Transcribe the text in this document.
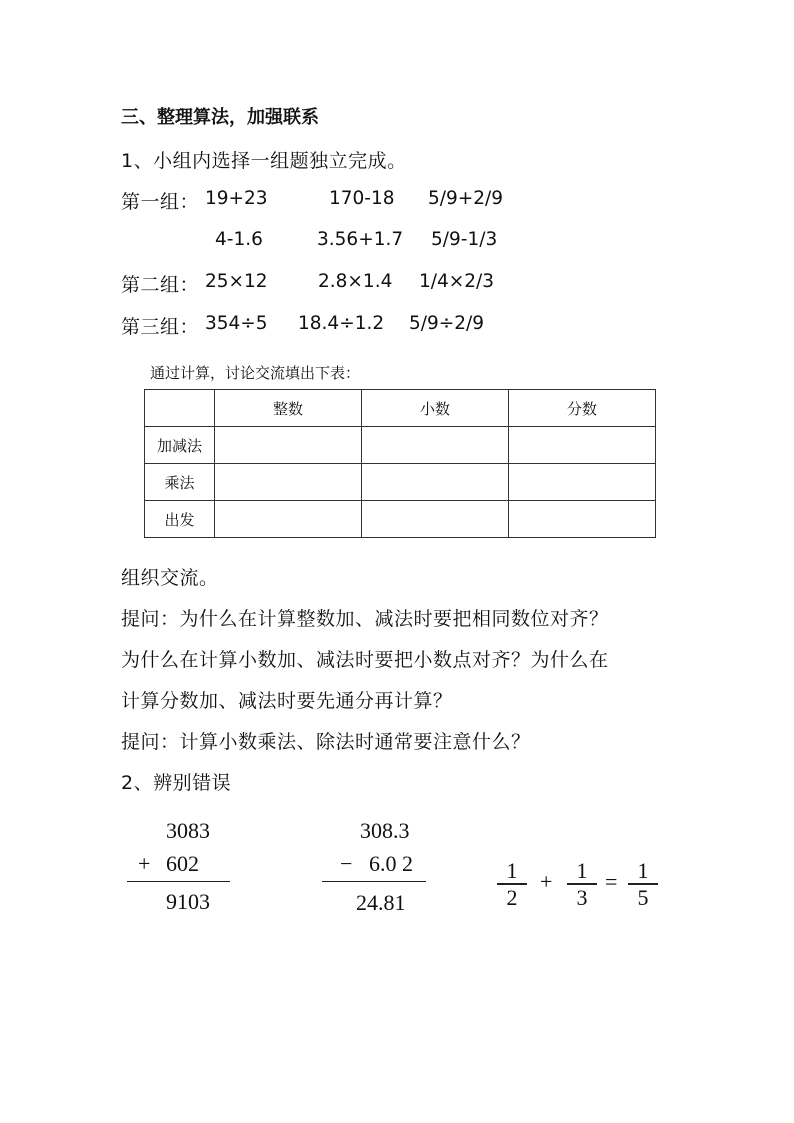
三、整理算法，加强联系
1、小组内选择一组题独立完成。
第一组： 19+23	170-18 5/9+2/9
4-1.6	3.56+1.7 5/9-1/3
第二组： 25×12	2.8×1.4 1/4×2/3
第三组： 354÷5 18.4÷1.2 5/9÷2/9
通过计算，讨论交流填出下表：
	整数	小数	分数
加减法			
乘法			
出发			
组织交流。
提问：为什么在计算整数加、减法时要把相同数位对齐？
为什么在计算小数加、减法时要把小数点对齐？为什么在
计算分数加、减法时要先通分再计算？
提问：计算小数乘法、除法时通常要注意什么？
2、辨别错误
3083
+ 602
9103
308.3
− 6.0 2
24.81
1
2
+ 1
3
= 1
5
